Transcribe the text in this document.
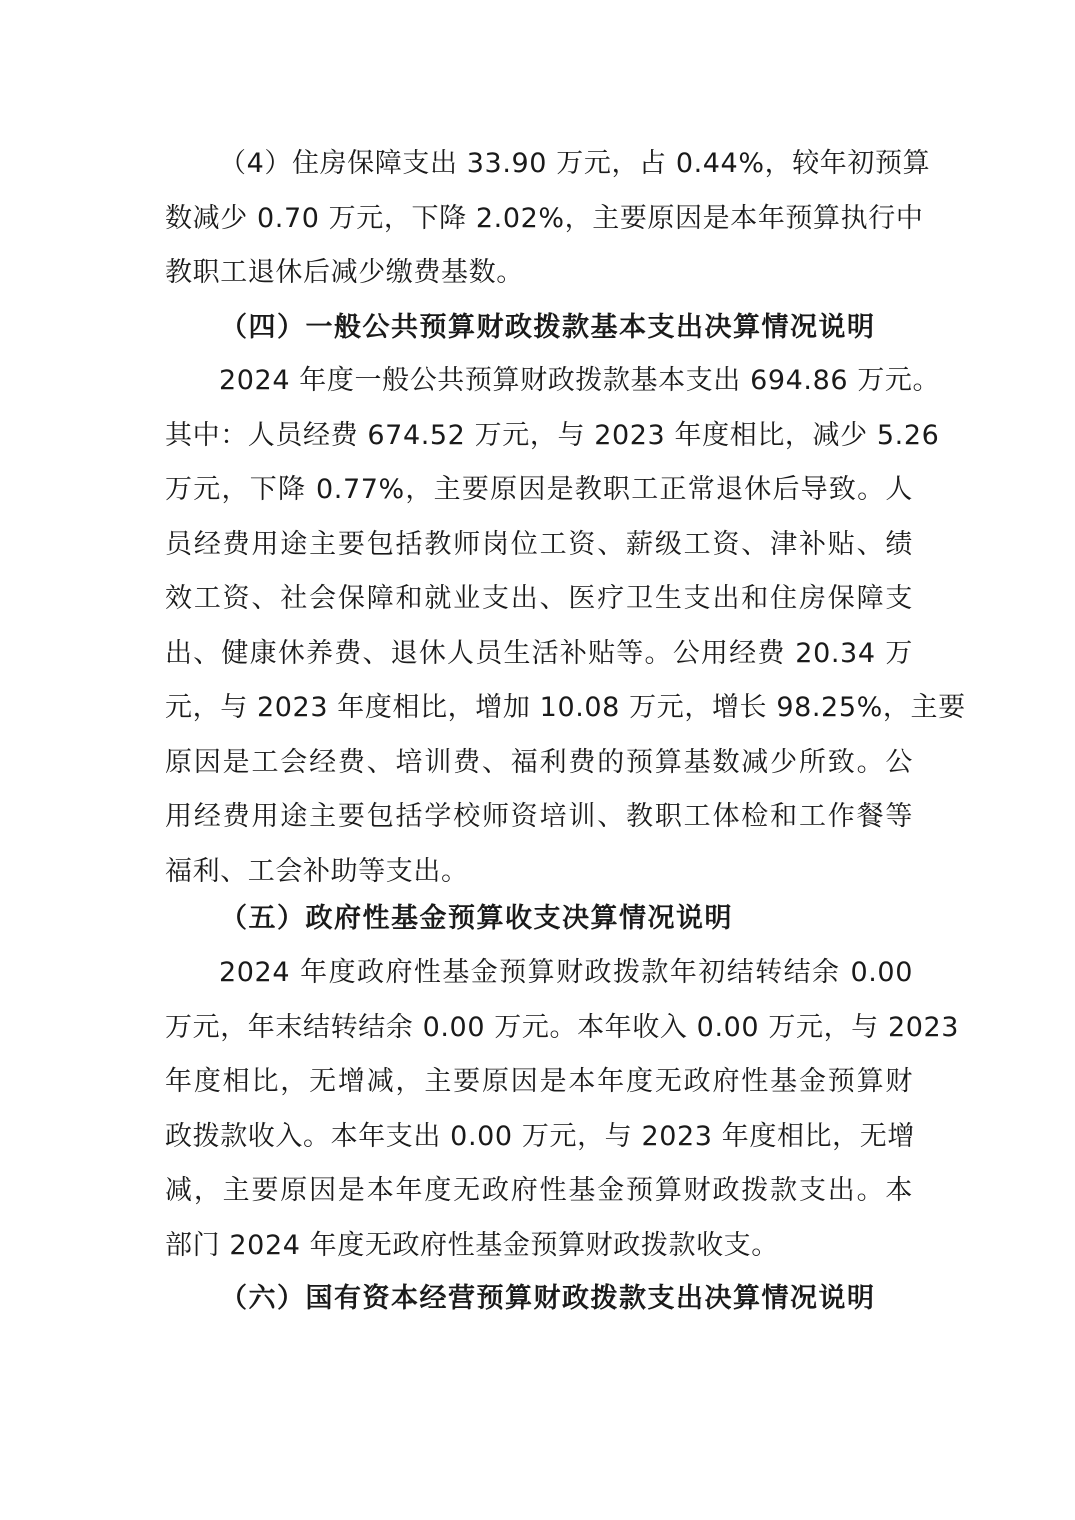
（4）住房保障支出 33.90 万元，占 0.44%，较年初预算
数减少 0.70 万元，下降 2.02%，主要原因是本年预算执行中
教职工退休后减少缴费基数。
（四）一般公共预算财政拨款基本支出决算情况说明
2024 年度一般公共预算财政拨款基本支出 694.86 万元。
其中：人员经费 674.52 万元，与 2023 年度相比，减少 5.26
万元，下降 0.77%，主要原因是教职工正常退休后导致。人
员经费用途主要包括教师岗位工资、薪级工资、津补贴、绩
效工资、社会保障和就业支出、医疗卫生支出和住房保障支
出、健康休养费、退休人员生活补贴等。公用经费 20.34 万
元，与 2023 年度相比，增加 10.08 万元，增长 98.25%，主要
原因是工会经费、培训费、福利费的预算基数减少所致。公
用经费用途主要包括学校师资培训、教职工体检和工作餐等
福利、工会补助等支出。
（五）政府性基金预算收支决算情况说明
2024 年度政府性基金预算财政拨款年初结转结余 0.00
万元，年末结转结余 0.00 万元。本年收入 0.00 万元，与 2023
年度相比，无增减，主要原因是本年度无政府性基金预算财
政拨款收入。本年支出 0.00 万元，与 2023 年度相比，无增
减，主要原因是本年度无政府性基金预算财政拨款支出。本
部门 2024 年度无政府性基金预算财政拨款收支。
（六）国有资本经营预算财政拨款支出决算情况说明
